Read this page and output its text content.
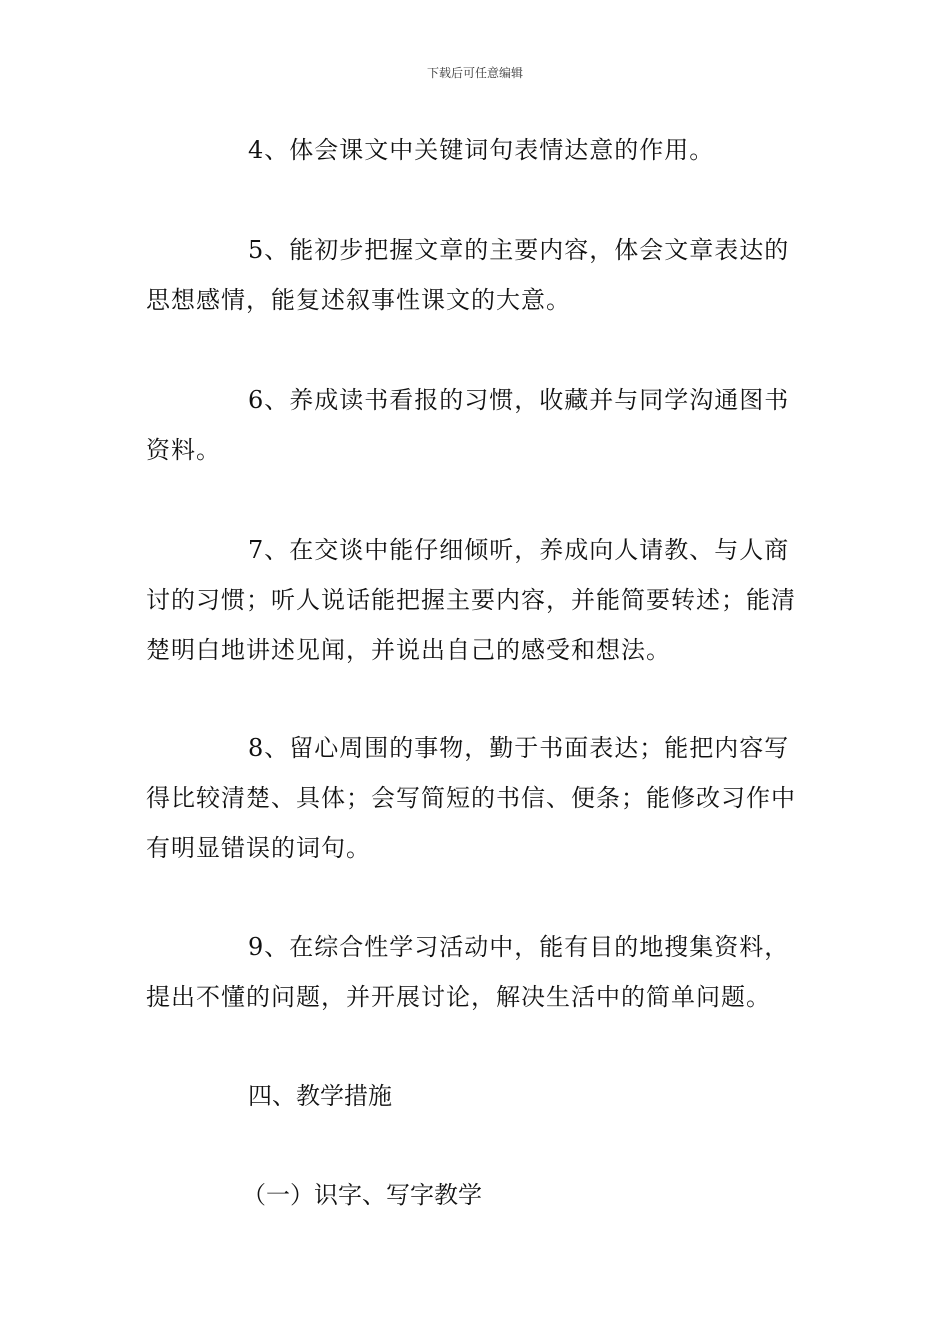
下载后可任意编辑

4、体会课文中关键词句表情达意的作用。

5、能初步把握文章的主要内容，体会文章表达的思想感情，能复述叙事性课文的大意。

6、养成读书看报的习惯，收藏并与同学沟通图书资料。

7、在交谈中能仔细倾听，养成向人请教、与人商讨的习惯；听人说话能把握主要内容，并能简要转述；能清楚明白地讲述见闻，并说出自己的感受和想法。

8、留心周围的事物，勤于书面表达；能把内容写得比较清楚、具体；会写简短的书信、便条；能修改习作中有明显错误的词句。

9、在综合性学习活动中，能有目的地搜集资料，提出不懂的问题，并开展讨论，解决生活中的简单问题。

四、教学措施

（一）识字、写字教学
